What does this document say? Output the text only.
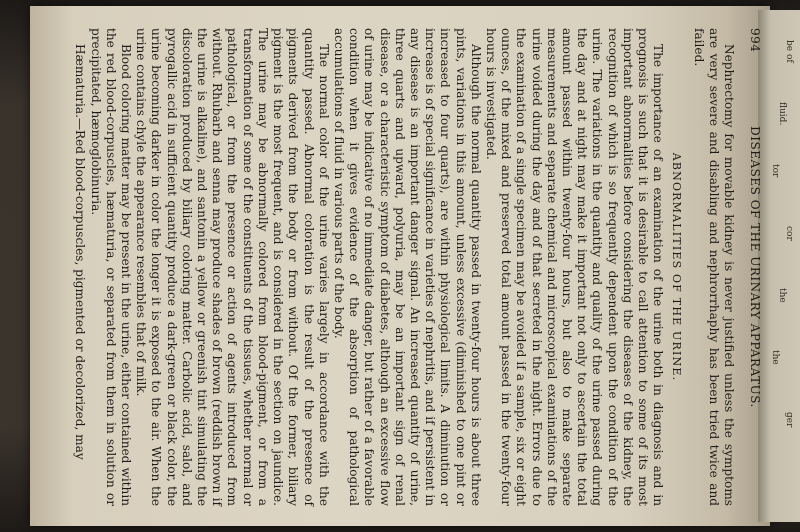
be of
fluid.
tor
cor
the
the
ger
994
DISEASES OF THE URINARY APPARATUS.

Nephrectomy for movable kidney is never justified unless the symptoms are very severe and disabling and nephrorrhaphy has been tried twice and failed.

ABNORMALITIES OF THE URINE.

The importance of an examination of the urine both in diagnosis and in prognosis is such that it is desirable to call attention to some of its most important abnormalities before considering the diseases of the kidney, the recognition of which is so frequently dependent upon the condition of the urine. The variations in the quantity and quality of the urine passed during the day and at night may make it important not only to ascertain the total amount passed within twenty-four hours, but also to make separate measurements and separate chemical and microscopical examinations of the urine voided during the day and of that secreted in the night. Errors due to the examination of a single specimen may be avoided if a sample, six or eight ounces, of the mixed and preserved total amount passed in the twenty-four hours is investigated.

Although the normal quantity passed in twenty-four hours is about three pints, variations in this amount, unless excessive (diminished to one pint or increased to four quarts), are within physiological limits. A diminution or increase is of special significance in varieties of nephritis, and if persistent in any disease is an important danger signal. An increased quantity of urine, three quarts and upward, polyuria, may be an important sign of renal disease, or a characteristic symptom of diabetes, although an excessive flow of urine may be indicative of no immediate danger, but rather of a favorable condition when it gives evidence of the absorption of pathological accumulations of fluid in various parts of the body.

The normal color of the urine varies largely in accordance with the quantity passed. Abnormal coloration is the result of the presence of pigments derived from the body or from without. Of the former, biliary pigment is the most frequent, and is considered in the section on jaundice. The urine may be abnormally colored from blood-pigment, or from a transformation of some of the constituents of the tissues, whether normal or pathological, or from the presence or action of agents introduced from without. Rhubarb and senna may produce shades of brown (reddish brown if the urine is alkaline), and santonin a yellow or greenish tint simulating the discoloration produced by biliary coloring matter. Carbolic acid, salol, and pyrogallic acid in sufficient quantity produce a dark-green or black color, the urine becoming darker in color the longer it is exposed to the air. When the urine contains chyle the appearance resembles that of milk.

Blood coloring matter may be present in the urine, either contained within the red blood-corpuscles, hæmaturia, or separated from them in solution or precipitated, hæmoglobinuria.

Hæmaturia.—Red blood-corpuscles, pigmented or decolorized, may
